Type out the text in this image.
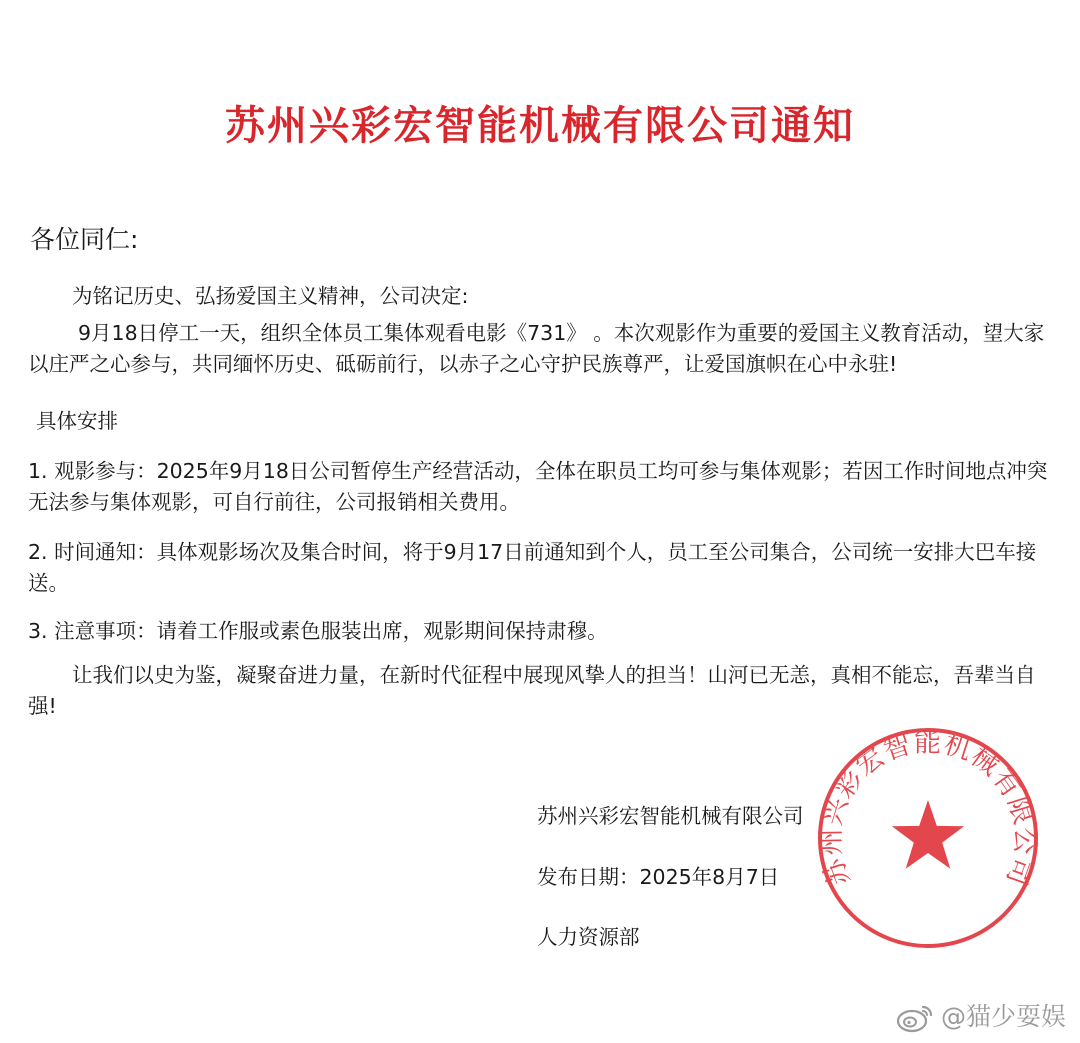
苏州兴彩宏智能机械有限公司通知
各位同仁:
为铭记历史、弘扬爱国主义精神，公司决定:
9月18日停工一天，组织全体员工集体观看电影《731》 。本次观影作为重要的爱国主义教育活动，望大家以庄严之心参与，共同缅怀历史、砥砺前行，以赤子之心守护民族尊严，让爱国旗帜在心中永驻!
具体安排
1. 观影参与：2025年9月18日公司暂停生产经营活动，全体在职员工均可参与集体观影；若因工作时间地点冲突无法参与集体观影，可自行前往，公司报销相关费用。
2. 时间通知：具体观影场次及集合时间，将于9月17日前通知到个人，员工至公司集合，公司统一安排大巴车接送。
3. 注意事项：请着工作服或素色服装出席，观影期间保持肃穆。
让我们以史为鉴，凝聚奋进力量，在新时代征程中展现风挚人的担当！山河已无恙，真相不能忘，吾辈当自强!
苏州兴彩宏智能机械有限公司
发布日期：2025年8月7日
人力资源部
苏州兴彩宏智能机械有限公司
@猫少耍娱
